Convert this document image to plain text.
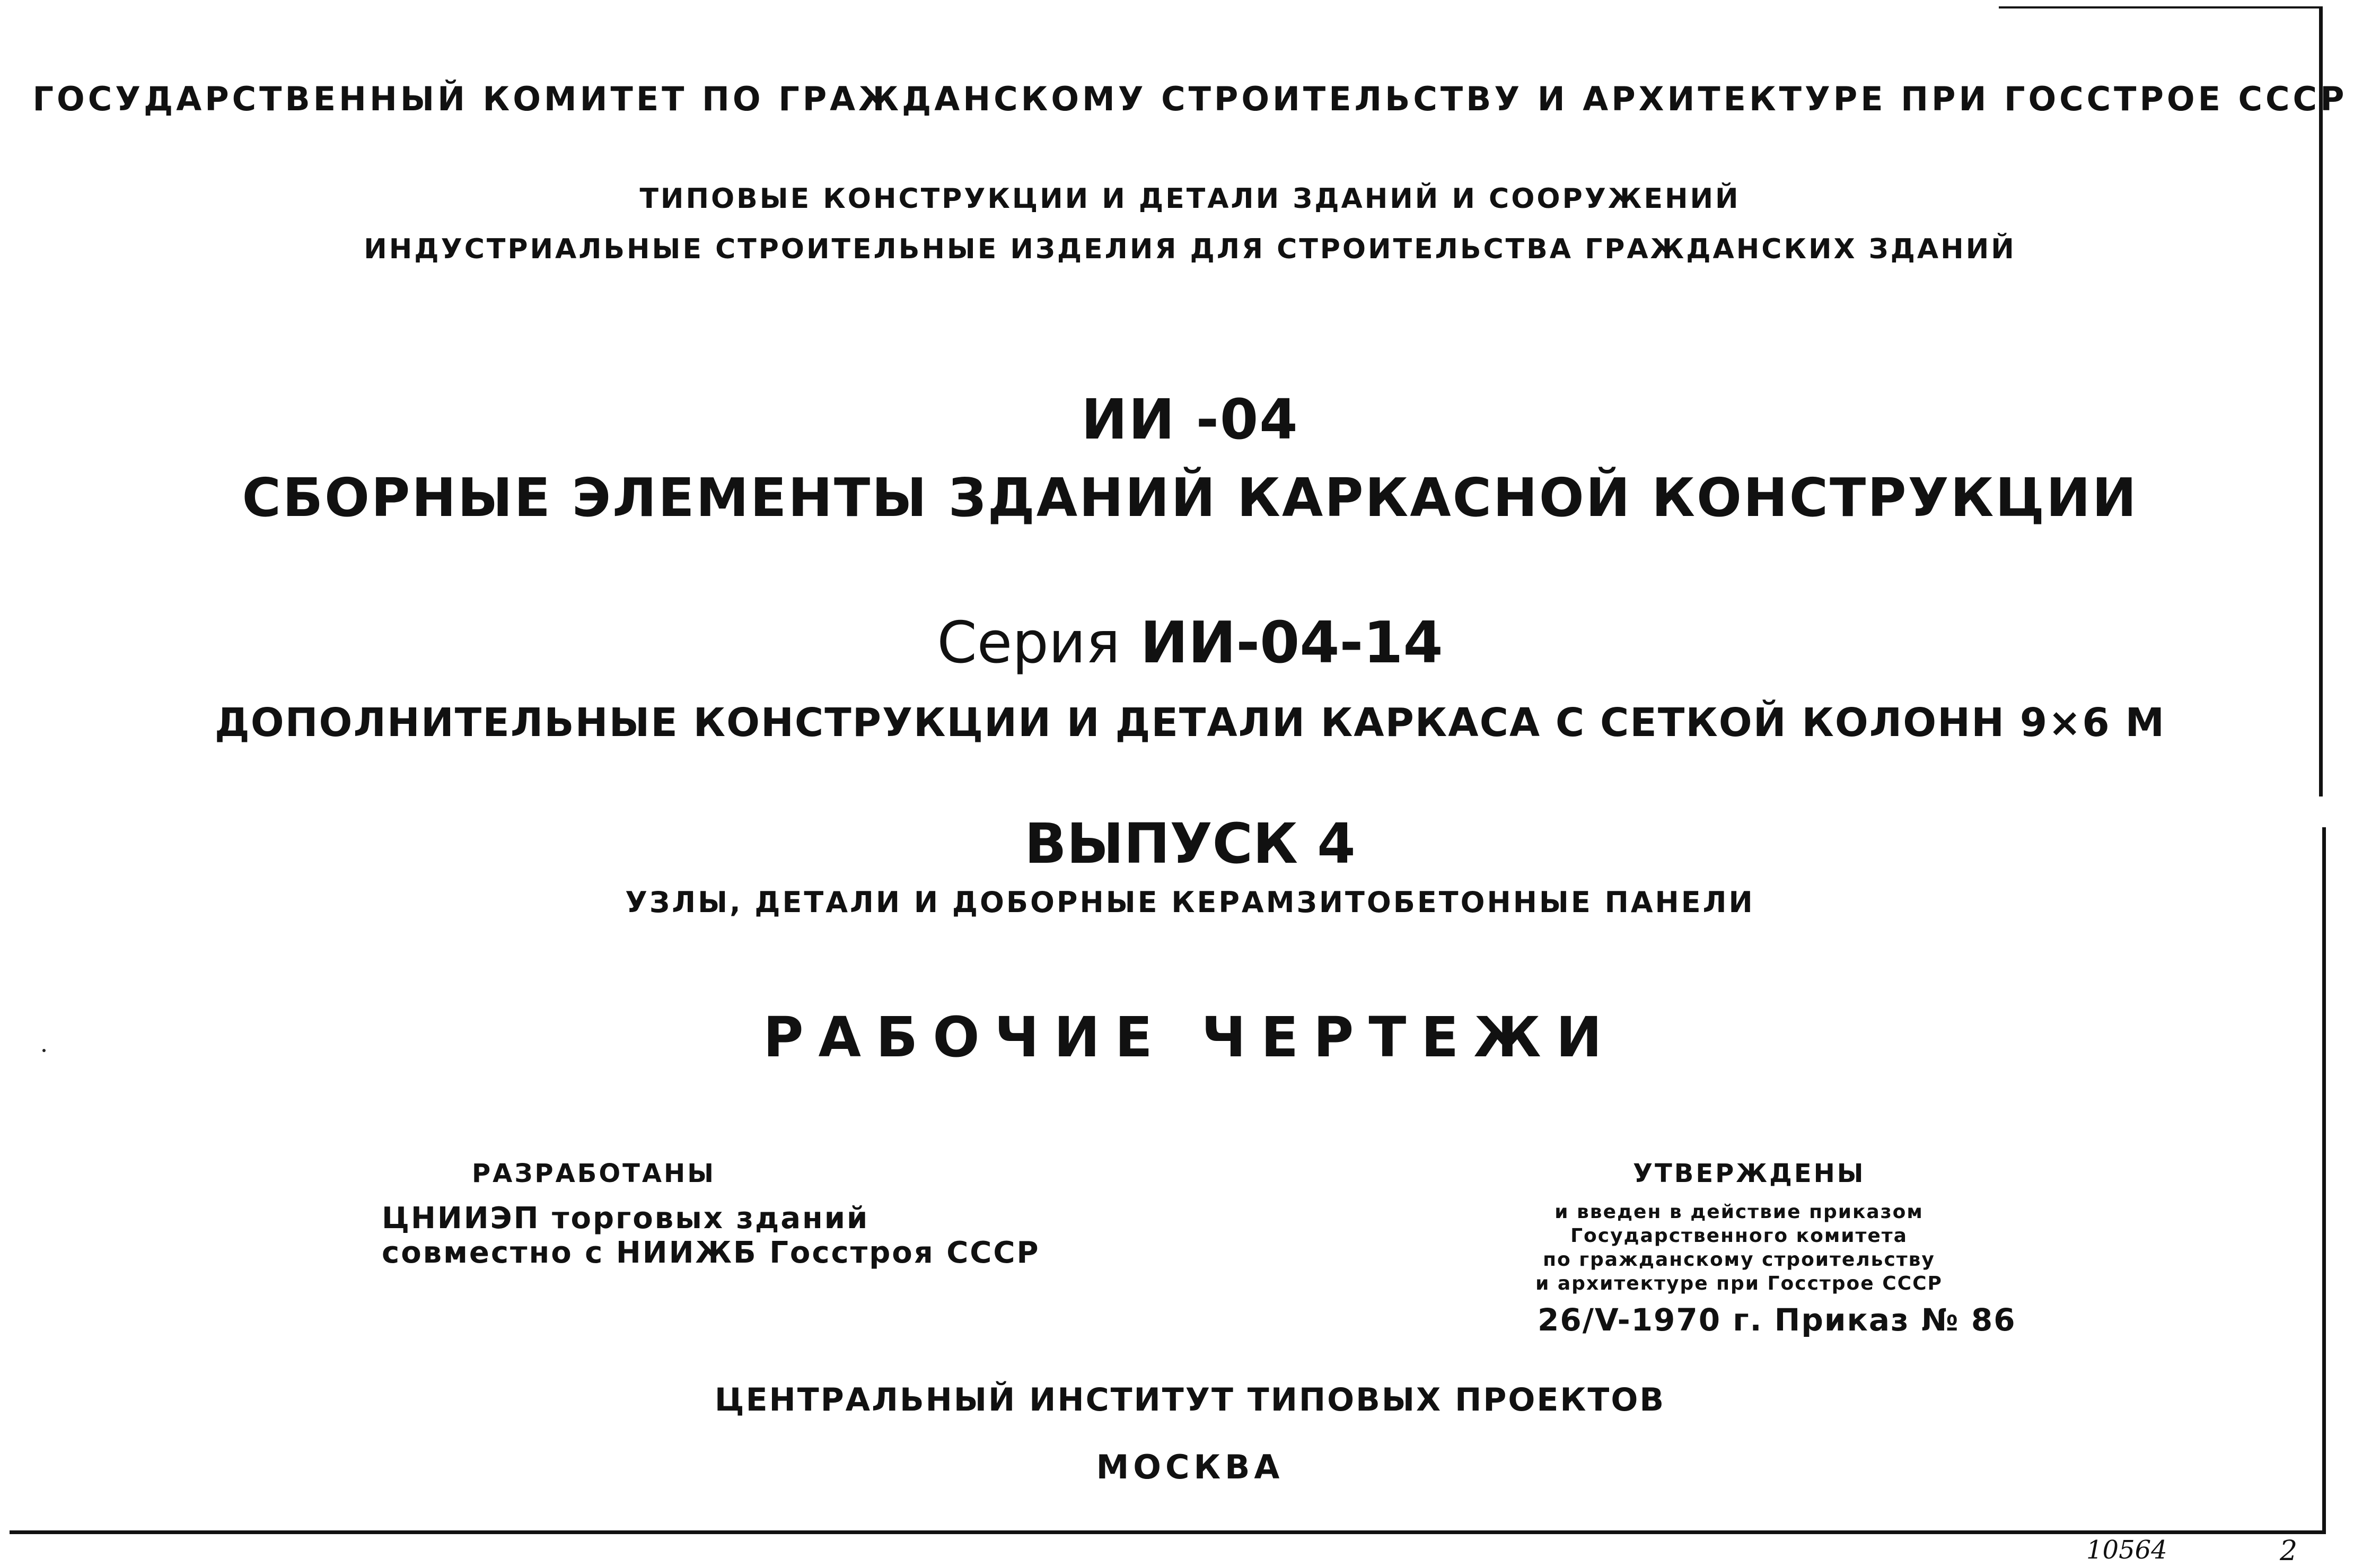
ГОСУДАРСТВЕННЫЙ КОМИТЕТ ПО ГРАЖДАНСКОМУ СТРОИТЕЛЬСТВУ И АРХИТЕКТУРЕ ПРИ ГОССТРОЕ СССР
ТИПОВЫЕ КОНСТРУКЦИИ И ДЕТАЛИ ЗДАНИЙ И СООРУЖЕНИЙ
ИНДУСТРИАЛЬНЫЕ СТРОИТЕЛЬНЫЕ ИЗДЕЛИЯ ДЛЯ СТРОИТЕЛЬСТВА ГРАЖДАНСКИХ ЗДАНИЙ
ИИ -04
СБОРНЫЕ ЭЛЕМЕНТЫ ЗДАНИЙ КАРКАСНОЙ КОНСТРУКЦИИ
Серия ИИ-04-14
ДОПОЛНИТЕЛЬНЫЕ КОНСТРУКЦИИ И ДЕТАЛИ КАРКАСА С СЕТКОЙ КОЛОНН 9×6 М
ВЫПУСК 4
УЗЛЫ, ДЕТАЛИ И ДОБОРНЫЕ КЕРАМЗИТОБЕТОННЫЕ ПАНЕЛИ
РАБОЧИЕ ЧЕРТЕЖИ
РАЗРАБОТАНЫ
ЦНИИЭП торговых зданий
совместно с НИИЖБ Госстроя СССР
УТВЕРЖДЕНЫ
и введен в действие приказом
Государственного комитета
по гражданскому строительству
и архитектуре при Госстрое СССР
26/V-1970 г. Приказ № 86
ЦЕНТРАЛЬНЫЙ ИНСТИТУТ ТИПОВЫХ ПРОЕКТОВ
МОСКВА
10564	2
